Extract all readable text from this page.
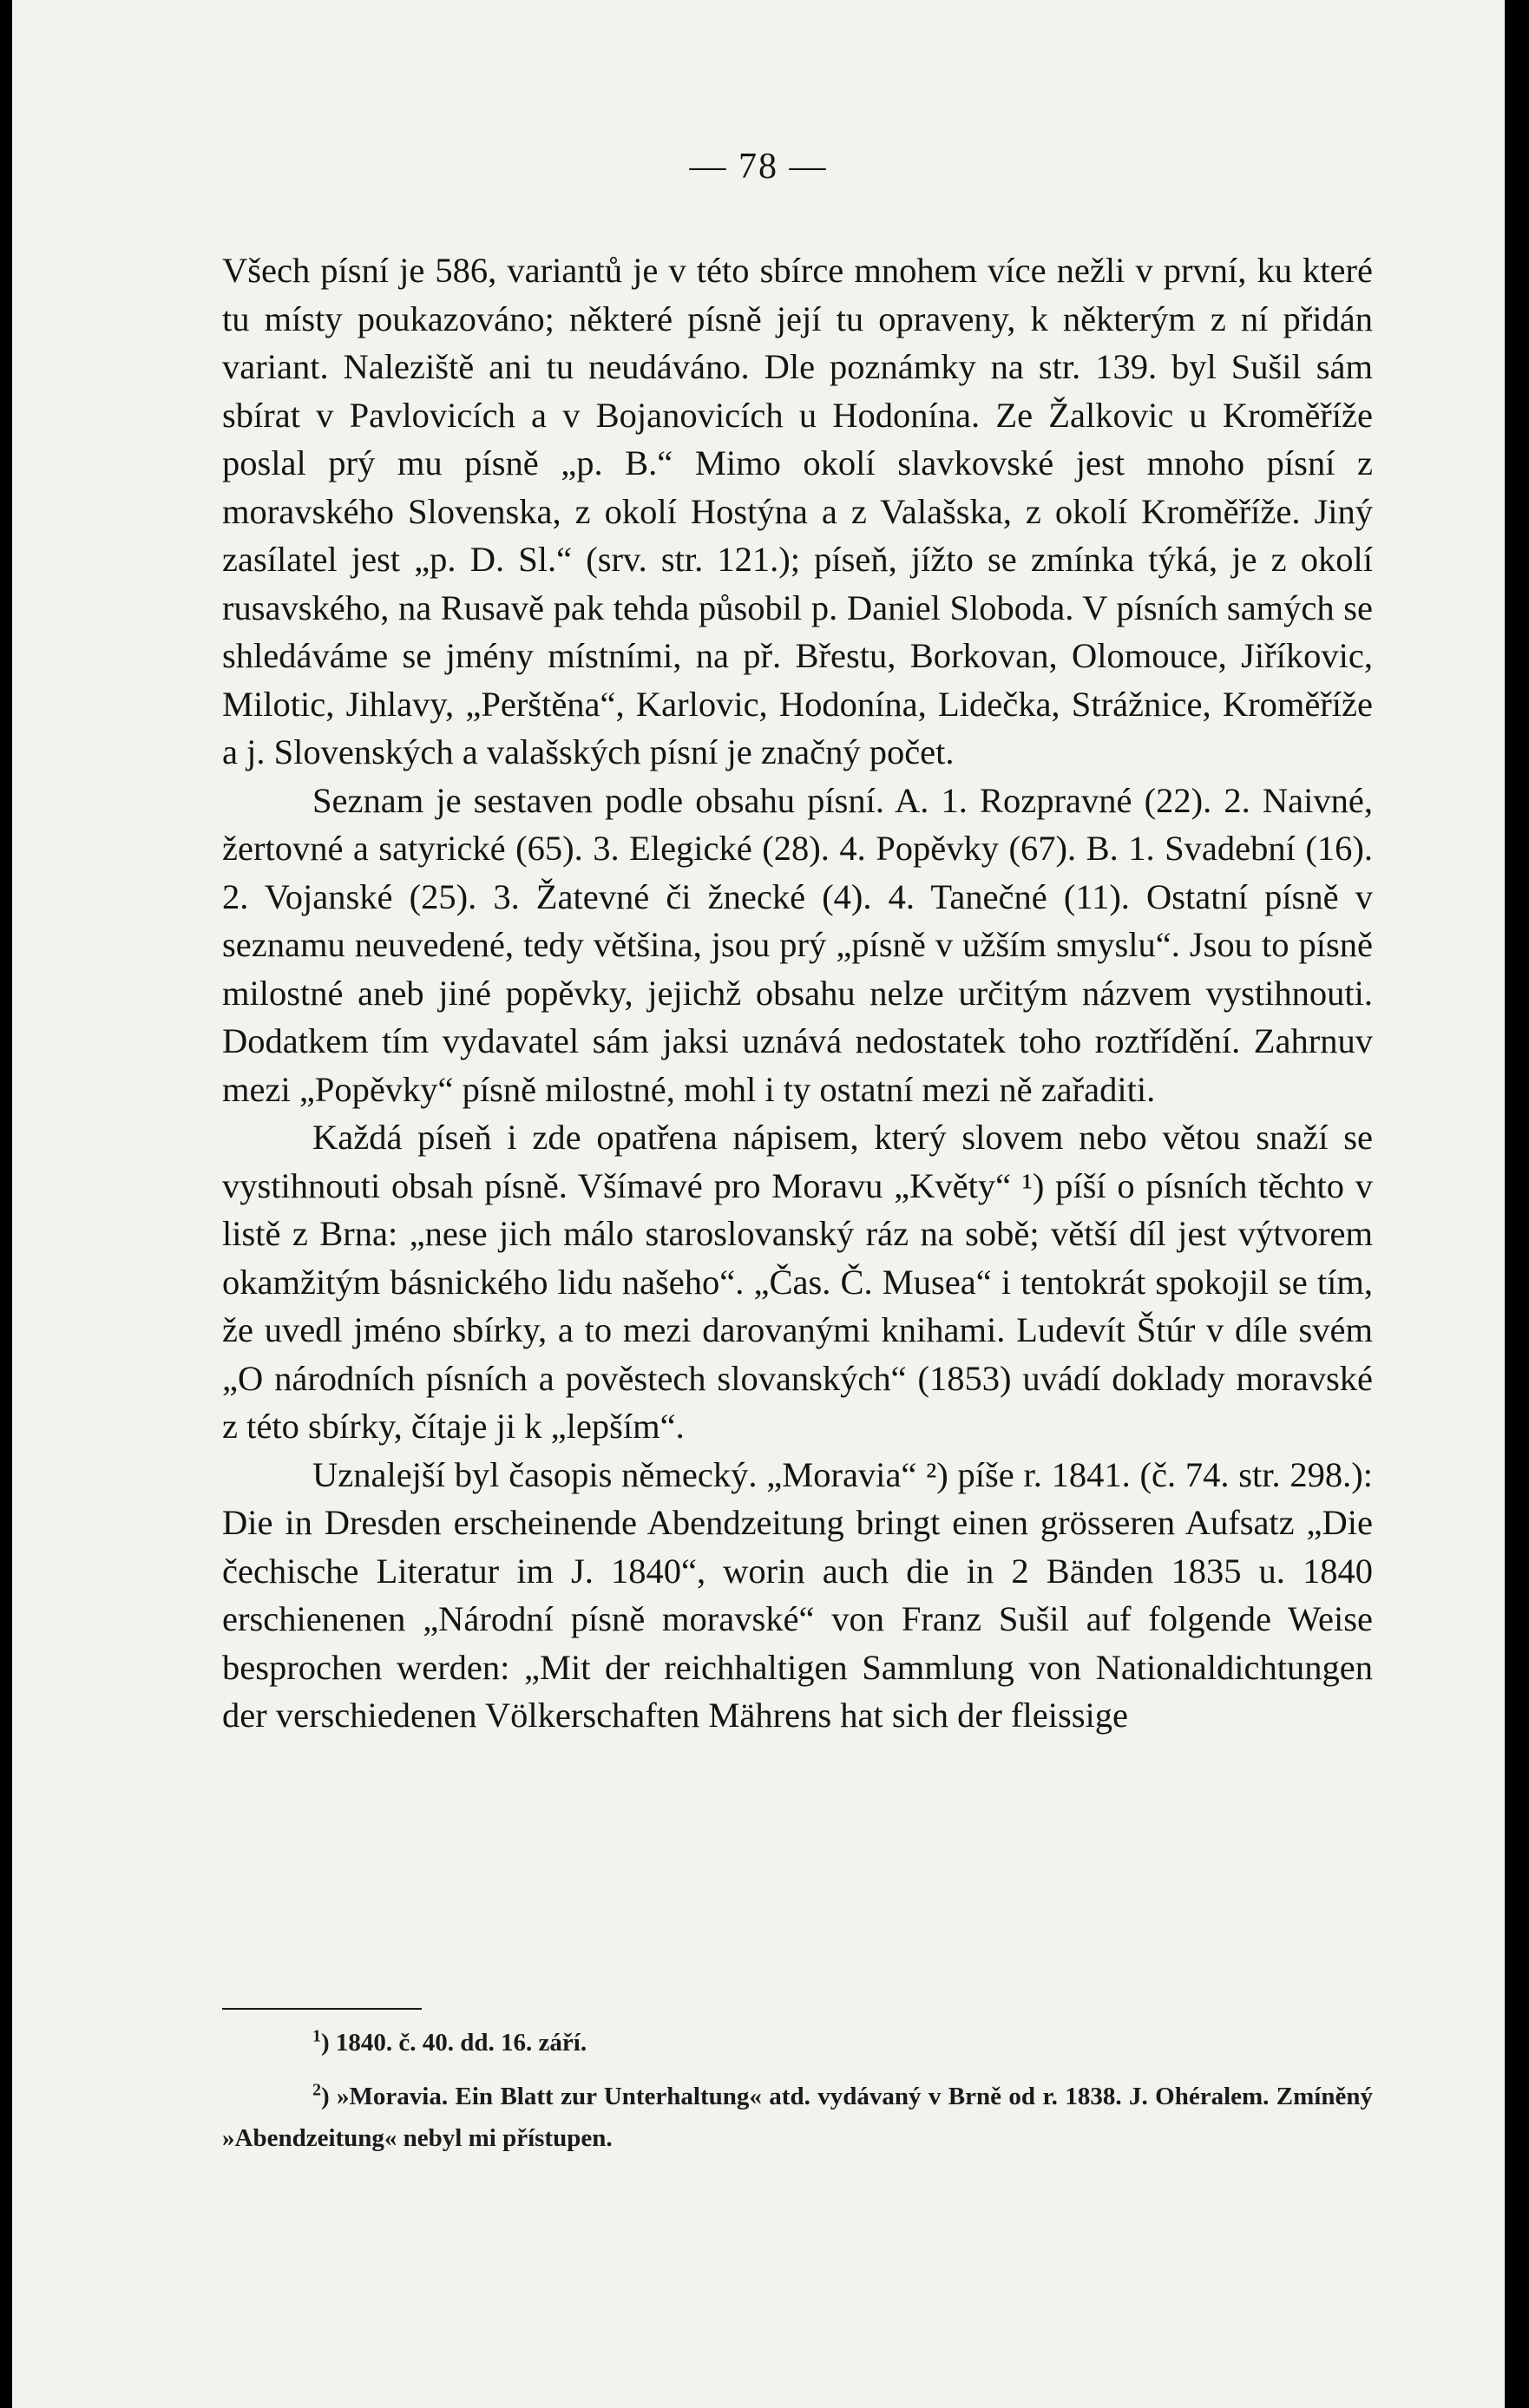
— 78 —

Všech písní je 586, variantů je v této sbírce mnohem více nežli v první, ku které tu místy poukazováno; některé písně její tu opraveny, k některým z ní přidán variant. Naleziště ani tu neudáváno. Dle poznámky na str. 139. byl Sušil sám sbírat v Pavlovicích a v Bojanovicích u Hodonína. Ze Žalkovic u Kroměříže poslal prý mu písně „p. B.“ Mimo okolí slavkovské jest mnoho písní z moravského Slovenska, z okolí Hostýna a z Valašska, z okolí Kroměříže. Jiný zasílatel jest „p. D. Sl.“ (srv. str. 121.); píseň, jížto se zmínka týká, je z okolí rusavského, na Rusavě pak tehda působil p. Daniel Sloboda. V písních samých se shledáváme se jmény místními, na př. Břestu, Borkovan, Olomouce, Jiříkovic, Milotic, Jihlavy, „Perštěna“, Karlovic, Hodonína, Lidečka, Strážnice, Kroměříže a j. Slovenských a valašských písní je značný počet.

Seznam je sestaven podle obsahu písní. A. 1. Rozpravné (22). 2. Naivné, žertovné a satyrické (65). 3. Elegické (28). 4. Popěvky (67). B. 1. Svadební (16). 2. Vojanské (25). 3. Žatevné či žnecké (4). 4. Tanečné (11). Ostatní písně v seznamu neuvedené, tedy většina, jsou prý „písně v užším smyslu“. Jsou to písně milostné aneb jiné popěvky, jejichž obsahu nelze určitým názvem vystihnouti. Dodatkem tím vydavatel sám jaksi uznává nedostatek toho roztřídění. Zahrnuv mezi „Popěvky“ písně milostné, mohl i ty ostatní mezi ně zařaditi.

Každá píseň i zde opatřena nápisem, který slovem nebo větou snaží se vystihnouti obsah písně. Všímavé pro Moravu „Květy“ ¹) píší o písních těchto v listě z Brna: „nese jich málo staroslovanský ráz na sobě; větší díl jest výtvorem okamžitým básnického lidu našeho“. „Čas. Č. Musea“ i tentokrát spokojil se tím, že uvedl jméno sbírky, a to mezi darovanými knihami. Ludevít Štúr v díle svém „O národních písních a pověstech slovanských“ (1853) uvádí doklady moravské z této sbírky, čítaje ji k „lepším“.

Uznalejší byl časopis německý. „Moravia“ ²) píše r. 1841. (č. 74. str. 298.): Die in Dresden erscheinende Abendzeitung bringt einen grösseren Aufsatz „Die čechische Literatur im J. 1840“, worin auch die in 2 Bänden 1835 u. 1840 erschienenen „Národní písně moravské“ von Franz Sušil auf folgende Weise besprochen werden: „Mit der reichhaltigen Sammlung von Nationaldichtungen der verschiedenen Völkerschaften Mährens hat sich der fleissige

$^1$) 1840. č. 40. dd. 16. září.

$^2$) »Moravia. Ein Blatt zur Unterhaltung« atd. vydávaný v Brně od r. 1838. J. Ohéralem. Zmíněný »Abendzeitung« nebyl mi přístupen.
